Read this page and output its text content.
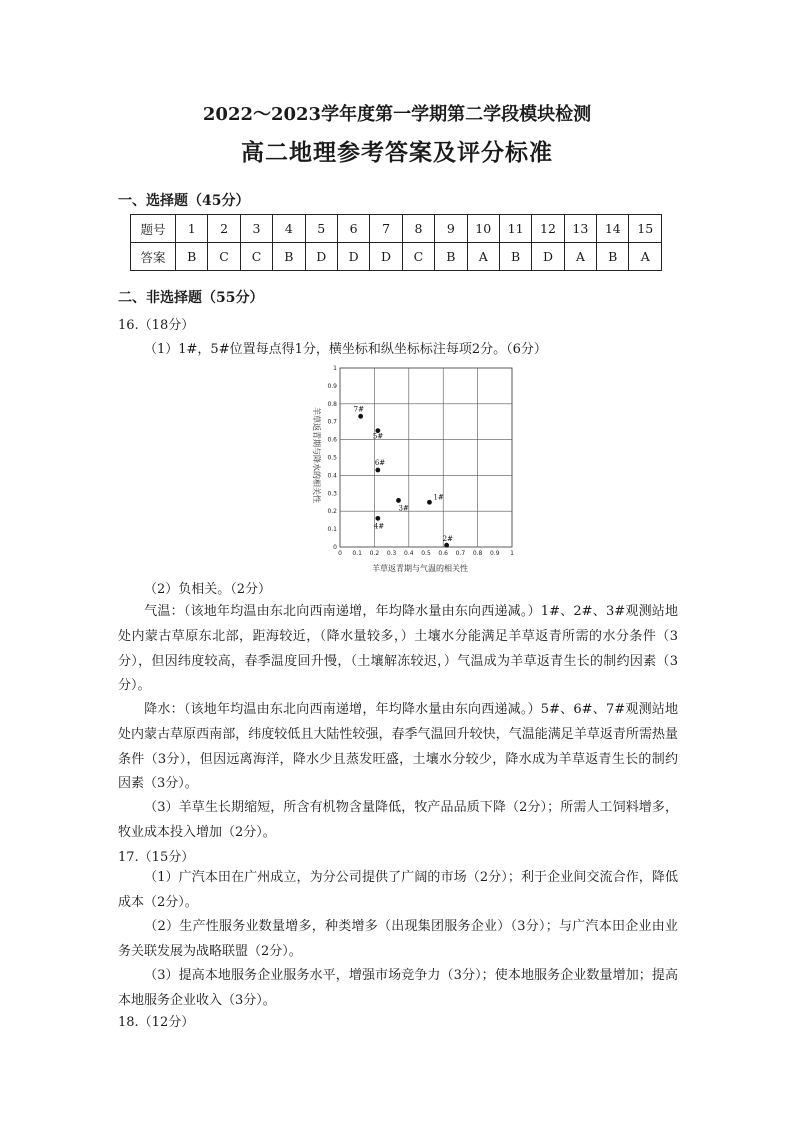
2022～2023学年度第一学期第二学段模块检测
高二地理参考答案及评分标准
一、选择题（45分）
题号	1	2	3	4	5	6	7	8	9	10	11	12	13	14	15
答案	B	C	C	B	D	D	D	C	B	A	B	D	A	B	A
二、非选择题（55分）
16.（18分）
（1）1#，5#位置每点得1分，横坐标和纵坐标标注每项2分。（6分）
0 0.1 0.2 0.3 0.4 0.5 0.6 0.7 0.8 0.9 1
0
0.1
0.2
0.3
0.4
0.5
0.6
0.7
0.8
0.9
1
1#
2#
3#
4#
5#
6#
7#
羊草返青期与降水的相关性
羊草返青期与气温的相关性
（2）负相关。（2分）
气温：（该地年均温由东北向西南递增，年均降水量由东向西递减。）1#、2#、3#观测站地处内蒙古草原东北部，距海较近，（降水量较多，）土壤水分能满足羊草返青所需的水分条件（3分），但因纬度较高，春季温度回升慢，（土壤解冻较迟，）气温成为羊草返青生长的制约因素（3分）。
降水：（该地年均温由东北向西南递增，年均降水量由东向西递减。）5#、6#、7#观测站地处内蒙古草原西南部，纬度较低且大陆性较强，春季气温回升较快，气温能满足羊草返青所需热量条件（3分），但因远离海洋，降水少且蒸发旺盛，土壤水分较少，降水成为羊草返青生长的制约因素（3分）。
（3）羊草生长期缩短，所含有机物含量降低，牧产品品质下降（2分）；所需人工饲料增多，牧业成本投入增加（2分）。
17.（15分）
（1）广汽本田在广州成立，为分公司提供了广阔的市场（2分）；利于企业间交流合作，降低成本（2分）。
（2）生产性服务业数量增多，种类增多（出现集团服务企业）（3分）；与广汽本田企业由业务关联发展为战略联盟（2分）。
（3）提高本地服务企业服务水平，增强市场竞争力（3分）；使本地服务企业数量增加；提高本地服务企业收入（3分）。
18.（12分）
